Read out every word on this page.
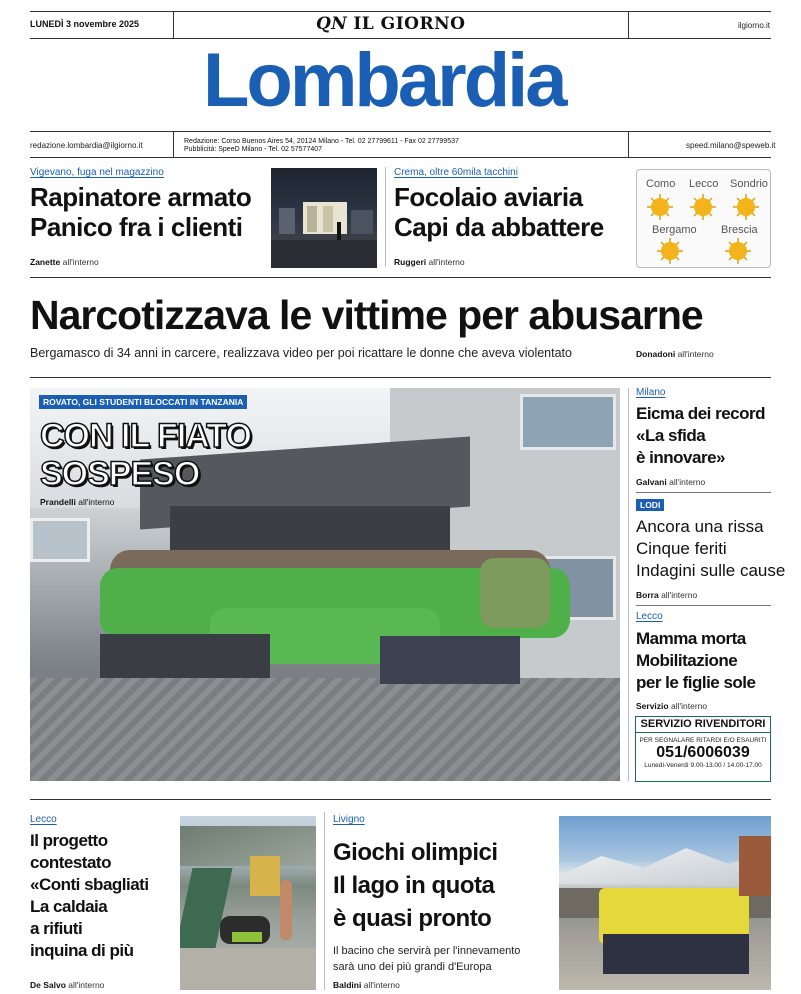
LUNEDÌ 3 novembre 2025	QN IL GIORNO	ilgiorno.it
Lombardia
redazione.lombardia@ilgiorno.it	Redazione: Corso Buenos Aires 54, 20124 Milano - Tel. 02 27799611 - Fax 02 27799537
Pubblicità: SpeeD Milano - Tel. 02 57577407	speed.milano@speweb.it
Vigevano, fuga nel magazzino
Rapinatore armato
Panico fra i clienti
Zanette all'interno
Crema, oltre 60mila tacchini
Focolaio aviaria
Capi da abbattere
Ruggeri all'interno
Como Lecco Sondrio
Bergamo Brescia
Narcotizzava le vittime per abusarne
Bergamasco di 34 anni in carcere, realizzava video per poi ricattare le donne che aveva violentato	Donadoni all'interno
ROVATO, GLI STUDENTI BLOCCATI IN TANZANIA
CON IL FIATO
SOSPESO
Prandelli all'interno
Milano
Eicma dei record
«La sfida
è innovare»
Galvani all'interno
LODI
Ancora una rissa
Cinque feriti
Indagini sulle cause
Borra all'interno
Lecco
Mamma morta
Mobilitazione
per le figlie sole
Servizio all'interno
SERVIZIO RIVENDITORI
PER SEGNALARE RITARDI E/O ESAURITI
051/6006039
Lunedì-Venerdì 9.00-13.00 / 14.00-17.00
Lecco
Il progetto
contestato
«Conti sbagliati
La caldaia
a rifiuti
inquina di più
De Salvo all'interno
Livigno
Giochi olimpici
Il lago in quota
è quasi pronto
Il bacino che servirà per l'innevamento
sarà uno dei più grandi d'Europa
Baldini all'interno
